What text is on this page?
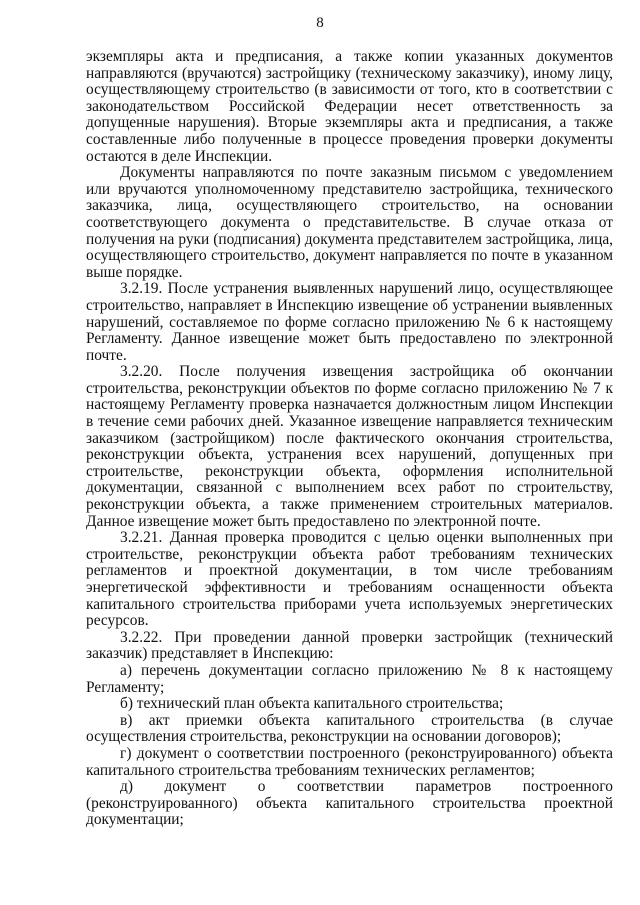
8

экземпляры акта и предписания, а также копии указанных документов направляются (вручаются) застройщику (техническому заказчику), иному лицу, осуществляющему строительство (в зависимости от того, кто в соответствии с законодательством Российской Федерации несет ответственность за допущенные нарушения). Вторые экземпляры акта и предписания, а также составленные либо полученные в процессе проведения проверки документы остаются в деле Инспекции.

Документы направляются по почте заказным письмом с уведомлением или вручаются уполномоченному представителю застройщика, технического заказчика, лица, осуществляющего строительство, на основании соответствующего документа о представительстве. В случае отказа от получения на руки (подписания) документа представителем застройщика, лица, осуществляющего строительство, документ направляется по почте в указанном выше порядке.

3.2.19. После устранения выявленных нарушений лицо, осуществляющее строительство, направляет в Инспекцию извещение об устранении выявленных нарушений, составляемое по форме согласно приложению № 6 к настоящему Регламенту. Данное извещение может быть предоставлено по электронной почте.

3.2.20. После получения извещения застройщика об окончании строительства, реконструкции объектов по форме согласно приложению № 7 к настоящему Регламенту проверка назначается должностным лицом Инспекции в течение семи рабочих дней. Указанное извещение направляется техническим заказчиком (застройщиком) после фактического окончания строительства, реконструкции объекта, устранения всех нарушений, допущенных при строительстве, реконструкции объекта, оформления исполнительной документации, связанной с выполнением всех работ по строительству, реконструкции объекта, а также применением строительных материалов. Данное извещение может быть предоставлено по электронной почте.

3.2.21. Данная проверка проводится с целью оценки выполненных при строительстве, реконструкции объекта работ требованиям технических регламентов и проектной документации, в том числе требованиям энергетической эффективности и требованиям оснащенности объекта капитального строительства приборами учета используемых энергетических ресурсов.

3.2.22. При проведении данной проверки застройщик (технический заказчик) представляет в Инспекцию:

а) перечень документации согласно приложению № 8 к настоящему Регламенту;

б) технический план объекта капитального строительства;

в) акт приемки объекта капитального строительства (в случае осуществления строительства, реконструкции на основании договоров);

г) документ о соответствии построенного (реконструированного) объекта капитального строительства требованиям технических регламентов;

д) документ о соответствии параметров построенного (реконструированного) объекта капитального строительства проектной документации;
